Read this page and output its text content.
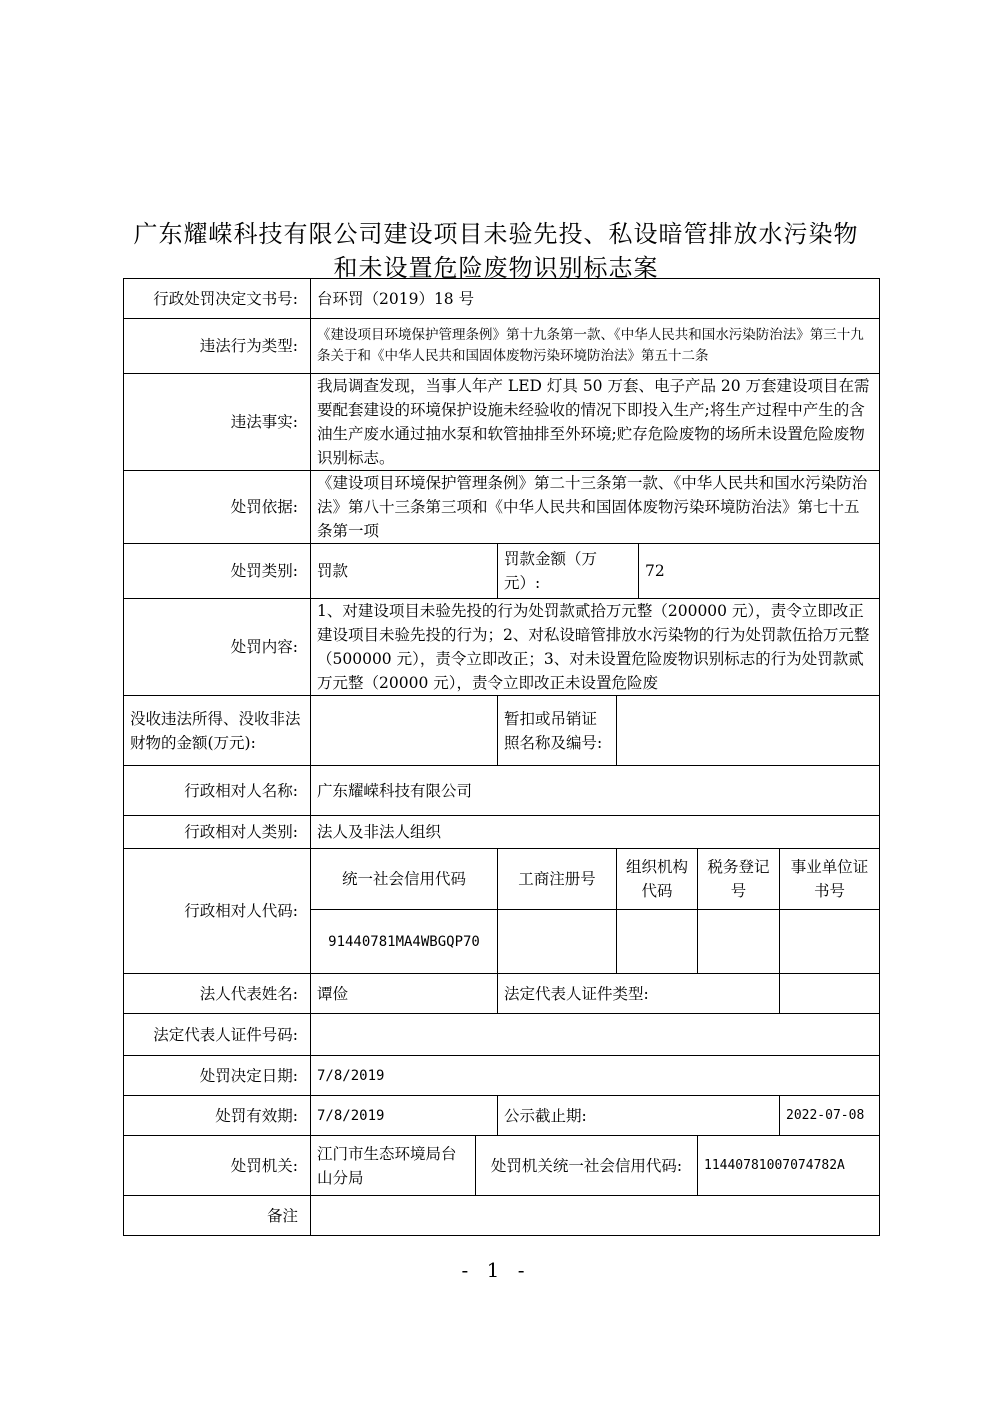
广东耀嵘科技有限公司建设项目未验先投、私设暗管排放水污染物
和未设置危险废物识别标志案
行政处罚决定文书号:	台环罚（2019）18 号						
违法行为类型:	《建设项目环境保护管理条例》第十九条第一款、《中华人民共和国水污染防治法》第三十九条关于和《中华人民共和国固体废物污染环境防治法》第五十二条						
违法事实:	我局调查发现，当事人年产 LED 灯具 50 万套、电子产品 20 万套建设项目在需要配套建设的环境保护设施未经验收的情况下即投入生产;将生产过程中产生的含油生产废水通过抽水泵和软管抽排至外环境;贮存危险废物的场所未设置危险废物识别标志。						
处罚依据:	《建设项目环境保护管理条例》第二十三条第一款、《中华人民共和国水污染防治法》第八十三条第三项和《中华人民共和国固体废物污染环境防治法》第七十五条第一项						
处罚类别:	罚款		罚款金额（万元）:		72		
处罚内容:	1、对建设项目未验先投的行为处罚款贰拾万元整（200000 元），责令立即改正建设项目未验先投的行为；2、对私设暗管排放水污染物的行为处罚款伍拾万元整（500000 元），责令立即改正；3、对未设置危险废物识别标志的行为处罚款贰万元整（20000 元），责令立即改正未设置危险废						

没收违法所得、没收非法财物的金额(万元):			暂扣或吊销证照名称及编号:				
行政相对人名称:	广东耀嵘科技有限公司						
行政相对人类别:	法人及非法人组织						
行政相对人代码:	统一社会信用代码		工商注册号	组织机构代码		税务登记号	事业单位证书号
	91440781MA4WBGQP70						
法人代表姓名:	谭俭		法定代表人证件类型:				
法定代表人证件号码:							
处罚决定日期:	7/8/2019						
处罚有效期:	7/8/2019		公示截止期:				2022-07-08
处罚机关:	江门市生态环境局台山分局	处罚机关统一社会信用代码:				11440781007074782A	
备注							
- 1 -
